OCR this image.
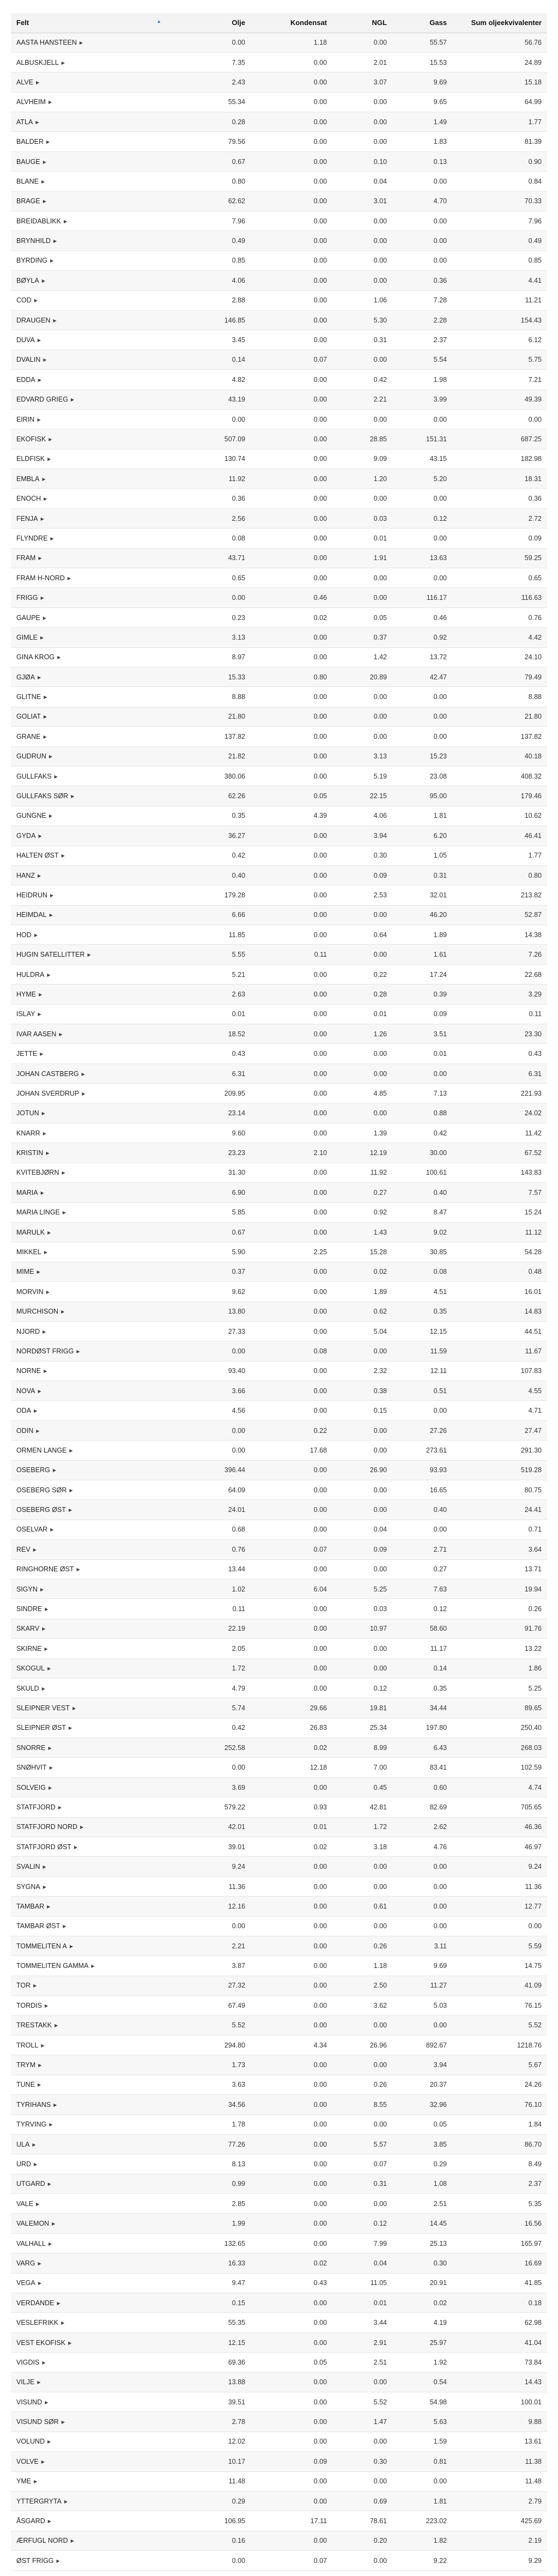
Felt ▲	Olje	Kondensat	NGL	Gass	Sum oljeekvivalenter
AASTA HANSTEEN ▶	0.00	1.18	0.00	55.57	56.76
ALBUSKJELL ▶	7.35	0.00	2.01	15.53	24.89
ALVE ▶	2.43	0.00	3.07	9.69	15.18
ALVHEIM ▶	55.34	0.00	0.00	9.65	64.99
ATLA ▶	0.28	0.00	0.00	1.49	1.77
BALDER ▶	79.56	0.00	0.00	1.83	81.39
BAUGE ▶	0.67	0.00	0.10	0.13	0.90
BLANE ▶	0.80	0.00	0.04	0.00	0.84
BRAGE ▶	62.62	0.00	3.01	4.70	70.33
BREIDABLIKK ▶	7.96	0.00	0.00	0.00	7.96
BRYNHILD ▶	0.49	0.00	0.00	0.00	0.49
BYRDING ▶	0.85	0.00	0.00	0.00	0.85
BØYLA ▶	4.06	0.00	0.00	0.36	4.41
COD ▶	2.88	0.00	1.06	7.28	11.21
DRAUGEN ▶	146.85	0.00	5.30	2.28	154.43
DUVA ▶	3.45	0.00	0.31	2.37	6.12
DVALIN ▶	0.14	0.07	0.00	5.54	5.75
EDDA ▶	4.82	0.00	0.42	1.98	7.21
EDVARD GRIEG ▶	43.19	0.00	2.21	3.99	49.39
EIRIN ▶	0.00	0.00	0.00	0.00	0.00
EKOFISK ▶	507.09	0.00	28.85	151.31	687.25
ELDFISK ▶	130.74	0.00	9.09	43.15	182.98
EMBLA ▶	11.92	0.00	1.20	5.20	18.31
ENOCH ▶	0.36	0.00	0.00	0.00	0.36
FENJA ▶	2.56	0.00	0.03	0.12	2.72
FLYNDRE ▶	0.08	0.00	0.01	0.00	0.09
FRAM ▶	43.71	0.00	1.91	13.63	59.25
FRAM H-NORD ▶	0.65	0.00	0.00	0.00	0.65
FRIGG ▶	0.00	0.46	0.00	116.17	116.63
GAUPE ▶	0.23	0.02	0.05	0.46	0.76
GIMLE ▶	3.13	0.00	0.37	0.92	4.42
GINA KROG ▶	8.97	0.00	1.42	13.72	24.10
GJØA ▶	15.33	0.80	20.89	42.47	79.49
GLITNE ▶	8.88	0.00	0.00	0.00	8.88
GOLIAT ▶	21.80	0.00	0.00	0.00	21.80
GRANE ▶	137.82	0.00	0.00	0.00	137.82
GUDRUN ▶	21.82	0.00	3.13	15.23	40.18
GULLFAKS ▶	380.06	0.00	5.19	23.08	408.32
GULLFAKS SØR ▶	62.26	0.05	22.15	95.00	179.46
GUNGNE ▶	0.35	4.39	4.06	1.81	10.62
GYDA ▶	36.27	0.00	3.94	6.20	46.41
HALTEN ØST ▶	0.42	0.00	0.30	1.05	1.77
HANZ ▶	0.40	0.00	0.09	0.31	0.80
HEIDRUN ▶	179.28	0.00	2.53	32.01	213.82
HEIMDAL ▶	6.66	0.00	0.00	46.20	52.87
HOD ▶	11.85	0.00	0.64	1.89	14.38
HUGIN SATELLITTER ▶	5.55	0.11	0.00	1.61	7.26
HULDRA ▶	5.21	0.00	0.22	17.24	22.68
HYME ▶	2.63	0.00	0.28	0.39	3.29
ISLAY ▶	0.01	0.00	0.01	0.09	0.11
IVAR AASEN ▶	18.52	0.00	1.26	3.51	23.30
JETTE ▶	0.43	0.00	0.00	0.01	0.43
JOHAN CASTBERG ▶	6.31	0.00	0.00	0.00	6.31
JOHAN SVERDRUP ▶	209.95	0.00	4.85	7.13	221.93
JOTUN ▶	23.14	0.00	0.00	0.88	24.02
KNARR ▶	9.60	0.00	1.39	0.42	11.42
KRISTIN ▶	23.23	2.10	12.19	30.00	67.52
KVITEBJØRN ▶	31.30	0.00	11.92	100.61	143.83
MARIA ▶	6.90	0.00	0.27	0.40	7.57
MARIA LINGE ▶	5.85	0.00	0.92	8.47	15.24
MARULK ▶	0.67	0.00	1.43	9.02	11.12
MIKKEL ▶	5.90	2.25	15.28	30.85	54.28
MIME ▶	0.37	0.00	0.02	0.08	0.48
MORVIN ▶	9.62	0.00	1.89	4.51	16.01
MURCHISON ▶	13.80	0.00	0.62	0.35	14.83
NJORD ▶	27.33	0.00	5.04	12.15	44.51
NORDØST FRIGG ▶	0.00	0.08	0.00	11.59	11.67
NORNE ▶	93.40	0.00	2.32	12.11	107.83
NOVA ▶	3.66	0.00	0.38	0.51	4.55
ODA ▶	4.56	0.00	0.15	0.00	4.71
ODIN ▶	0.00	0.22	0.00	27.26	27.47
ORMEN LANGE ▶	0.00	17.68	0.00	273.61	291.30
OSEBERG ▶	396.44	0.00	26.90	93.93	519.28
OSEBERG SØR ▶	64.09	0.00	0.00	16.65	80.75
OSEBERG ØST ▶	24.01	0.00	0.00	0.40	24.41
OSELVAR ▶	0.68	0.00	0.04	0.00	0.71
REV ▶	0.76	0.07	0.09	2.71	3.64
RINGHORNE ØST ▶	13.44	0.00	0.00	0.27	13.71
SIGYN ▶	1.02	6.04	5.25	7.63	19.94
SINDRE ▶	0.11	0.00	0.03	0.12	0.26
SKARV ▶	22.19	0.00	10.97	58.60	91.76
SKIRNE ▶	2.05	0.00	0.00	11.17	13.22
SKOGUL ▶	1.72	0.00	0.00	0.14	1.86
SKULD ▶	4.79	0.00	0.12	0.35	5.25
SLEIPNER VEST ▶	5.74	29.66	19.81	34.44	89.65
SLEIPNER ØST ▶	0.42	26.83	25.34	197.80	250.40
SNORRE ▶	252.58	0.02	8.99	6.43	268.03
SNØHVIT ▶	0.00	12.18	7.00	83.41	102.59
SOLVEIG ▶	3.69	0.00	0.45	0.60	4.74
STATFJORD ▶	579.22	0.93	42.81	82.69	705.65
STATFJORD NORD ▶	42.01	0.01	1.72	2.62	46.36
STATFJORD ØST ▶	39.01	0.02	3.18	4.76	46.97
SVALIN ▶	9.24	0.00	0.00	0.00	9.24
SYGNA ▶	11.36	0.00	0.00	0.00	11.36
TAMBAR ▶	12.16	0.00	0.61	0.00	12.77
TAMBAR ØST ▶	0.00	0.00	0.00	0.00	0.00
TOMMELITEN A ▶	2.21	0.00	0.26	3.11	5.59
TOMMELITEN GAMMA ▶	3.87	0.00	1.18	9.69	14.75
TOR ▶	27.32	0.00	2.50	11.27	41.09
TORDIS ▶	67.49	0.00	3.62	5.03	76.15
TRESTAKK ▶	5.52	0.00	0.00	0.00	5.52
TROLL ▶	294.80	4.34	26.96	892.67	1218.76
TRYM ▶	1.73	0.00	0.00	3.94	5.67
TUNE ▶	3.63	0.00	0.26	20.37	24.26
TYRIHANS ▶	34.56	0.00	8.55	32.96	76.10
TYRVING ▶	1.78	0.00	0.00	0.05	1.84
ULA ▶	77.26	0.00	5.57	3.85	86.70
URD ▶	8.13	0.00	0.07	0.29	8.49
UTGARD ▶	0.99	0.00	0.31	1.08	2.37
VALE ▶	2.85	0.00	0.00	2.51	5.35
VALEMON ▶	1.99	0.00	0.12	14.45	16.56
VALHALL ▶	132.65	0.00	7.99	25.13	165.97
VARG ▶	16.33	0.02	0.04	0.30	16.69
VEGA ▶	9.47	0.43	11.05	20.91	41.85
VERDANDE ▶	0.15	0.00	0.01	0.02	0.18
VESLEFRIKK ▶	55.35	0.00	3.44	4.19	62.98
VEST EKOFISK ▶	12.15	0.00	2.91	25.97	41.04
VIGDIS ▶	69.36	0.05	2.51	1.92	73.84
VILJE ▶	13.88	0.00	0.00	0.54	14.43
VISUND ▶	39.51	0.00	5.52	54.98	100.01
VISUND SØR ▶	2.78	0.00	1.47	5.63	9.88
VOLUND ▶	12.02	0.00	0.00	1.59	13.61
VOLVE ▶	10.17	0.09	0.30	0.81	11.38
YME ▶	11.48	0.00	0.00	0.00	11.48
YTTERGRYTA ▶	0.29	0.00	0.69	1.81	2.79
ÅSGARD ▶	106.95	17.11	78.61	223.02	425.69
ÆRFUGL NORD ▶	0.16	0.00	0.20	1.82	2.19
ØST FRIGG ▶	0.00	0.07	0.00	9.22	9.29
